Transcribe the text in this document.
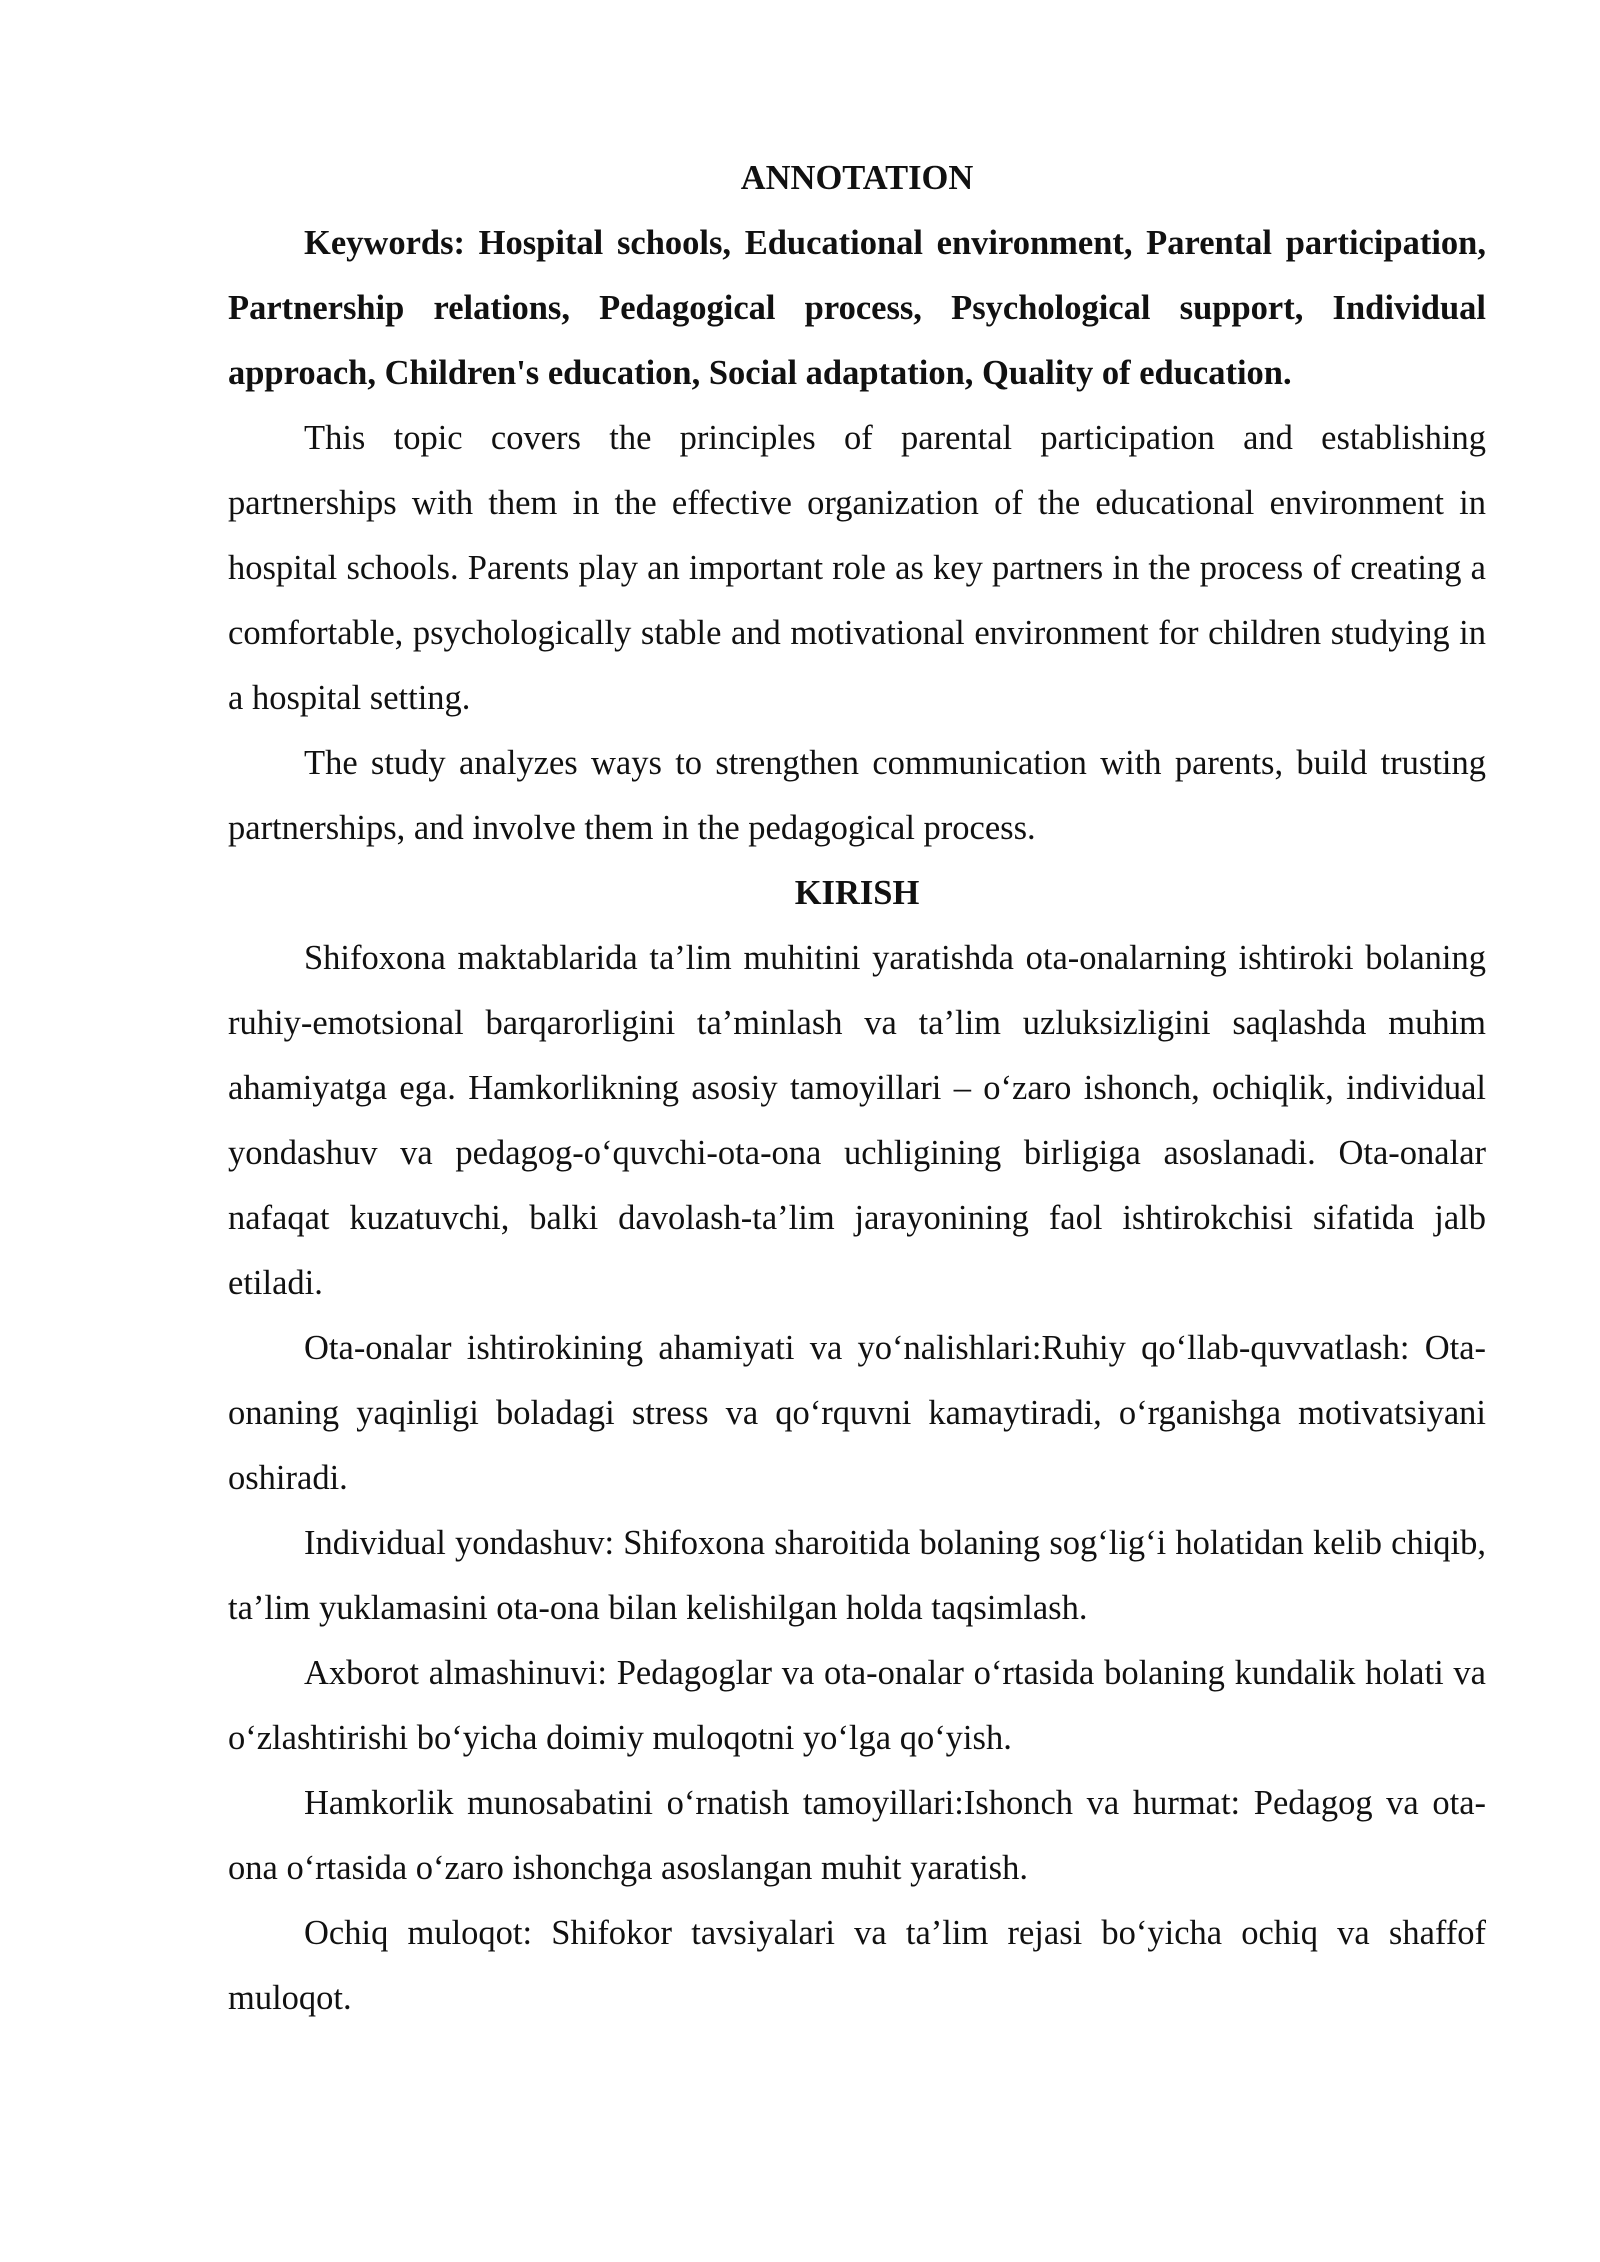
ANNOTATION

Keywords: Hospital schools, Educational environment, Parental participation, Partnership relations, Pedagogical process, Psychological support, Individual approach, Children's education, Social adaptation, Quality of education.

This topic covers the principles of parental participation and establishing partnerships with them in the effective organization of the educational environment in hospital schools. Parents play an important role as key partners in the process of creating a comfortable, psychologically stable and motivational environment for children studying in a hospital setting.

The study analyzes ways to strengthen communication with parents, build trusting partnerships, and involve them in the pedagogical process.

KIRISH

Shifoxona maktablarida ta’lim muhitini yaratishda ota-onalarning ishtiroki bolaning ruhiy-emotsional barqarorligini ta’minlash va ta’lim uzluksizligini saqlashda muhim ahamiyatga ega. Hamkorlikning asosiy tamoyillari – o‘zaro ishonch, ochiqlik, individual yondashuv va pedagog-o‘quvchi-ota-ona uchligining birligiga asoslanadi. Ota-onalar nafaqat kuzatuvchi, balki davolash-ta’lim jarayonining faol ishtirokchisi sifatida jalb etiladi.

Ota-onalar ishtirokining ahamiyati va yo‘nalishlari:Ruhiy qo‘llab-quvvatlash: Ota-onaning yaqinligi boladagi stress va qo‘rquvni kamaytiradi, o‘rganishga motivatsiyani oshiradi.

Individual yondashuv: Shifoxona sharoitida bolaning sog‘lig‘i holatidan kelib chiqib, ta’lim yuklamasini ota-ona bilan kelishilgan holda taqsimlash.

Axborot almashinuvi: Pedagoglar va ota-onalar o‘rtasida bolaning kundalik holati va o‘zlashtirishi bo‘yicha doimiy muloqotni yo‘lga qo‘yish.

Hamkorlik munosabatini o‘rnatish tamoyillari:Ishonch va hurmat: Pedagog va ota-ona o‘rtasida o‘zaro ishonchga asoslangan muhit yaratish.

Ochiq muloqot: Shifokor tavsiyalari va ta’lim rejasi bo‘yicha ochiq va shaffof muloqot.
